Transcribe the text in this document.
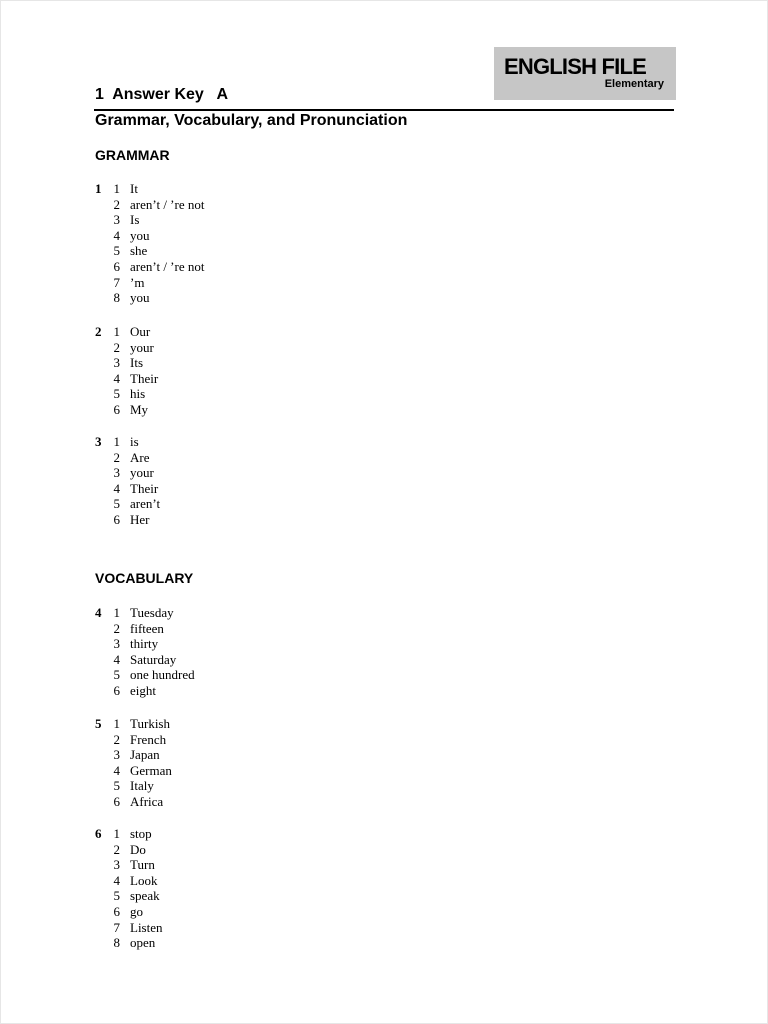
ENGLISH FILE
Elementary
1  Answer Key   A
Grammar, Vocabulary, and Pronunciation
GRAMMAR
VOCABULARY
1 1 It
2 aren’t / ’re not
3 Is
4 you
5 she
6 aren’t / ’re not
7 ’m
8 you
2 1 Our
2 your
3 Its
4 Their
5 his
6 My
3 1 is
2 Are
3 your
4 Their
5 aren’t
6 Her
4 1 Tuesday
2 fifteen
3 thirty
4 Saturday
5 one hundred
6 eight
5 1 Turkish
2 French
3 Japan
4 German
5 Italy
6 Africa
6 1 stop
2 Do
3 Turn
4 Look
5 speak
6 go
7 Listen
8 open
